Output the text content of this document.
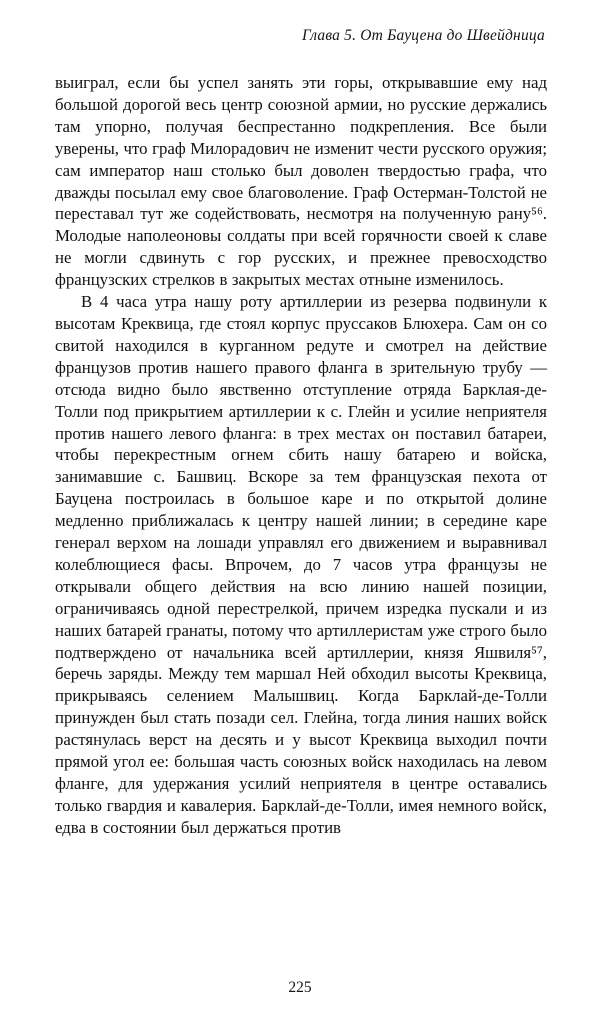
Глава 5. От Бауцена до Швейдница

выиграл, если бы успел занять эти горы, открывавшие ему над большой дорогой весь центр союзной армии, но русские держались там упорно, получая беспрестанно подкрепления. Все были уверены, что граф Милорадович не изменит чести русского оружия; сам император наш столько был доволен твердостью графа, что дважды посылал ему свое благоволение. Граф Остерман-Толстой не переставал тут же содействовать, несмотря на полученную рану⁵⁶. Молодые наполеоновы солдаты при всей горячности своей к славе не могли сдвинуть с гор русских, и прежнее превосходство французских стрелков в закрытых местах отныне изменилось.

В 4 часа утра нашу роту артиллерии из резерва подвинули к высотам Креквица, где стоял корпус пруссаков Блюхера. Сам он со свитой находился в курганном редуте и смотрел на действие французов против нашего правого фланга в зрительную трубу — отсюда видно было явственно отступление отряда Барклая-де-Толли под прикрытием артиллерии к с. Глейн и усилие неприятеля против нашего левого фланга: в трех местах он поставил батареи, чтобы перекрестным огнем сбить нашу батарею и войска, занимавшие с. Башвиц. Вскоре за тем французская пехота от Бауцена построилась в большое каре и по открытой долине медленно приближалась к центру нашей линии; в середине каре генерал верхом на лошади управлял его движением и выравнивал колеблющиеся фасы. Впрочем, до 7 часов утра французы не открывали общего действия на всю линию нашей позиции, ограничиваясь одной перестрелкой, причем изредка пускали и из наших батарей гранаты, потому что артиллеристам уже строго было подтверждено от начальника всей артиллерии, князя Яшвиля⁵⁷, беречь заряды. Между тем маршал Ней обходил высоты Креквица, прикрываясь селением Малышвиц. Когда Барклай-де-Толли принужден был стать позади сел. Глейна, тогда линия наших войск растянулась верст на десять и у высот Креквица выходил почти прямой угол ее: большая часть союзных войск находилась на левом фланге, для удержания усилий неприятеля в центре оставались только гвардия и кавалерия. Барклай-де-Толли, имея немного войск, едва в состоянии был держаться против

225
